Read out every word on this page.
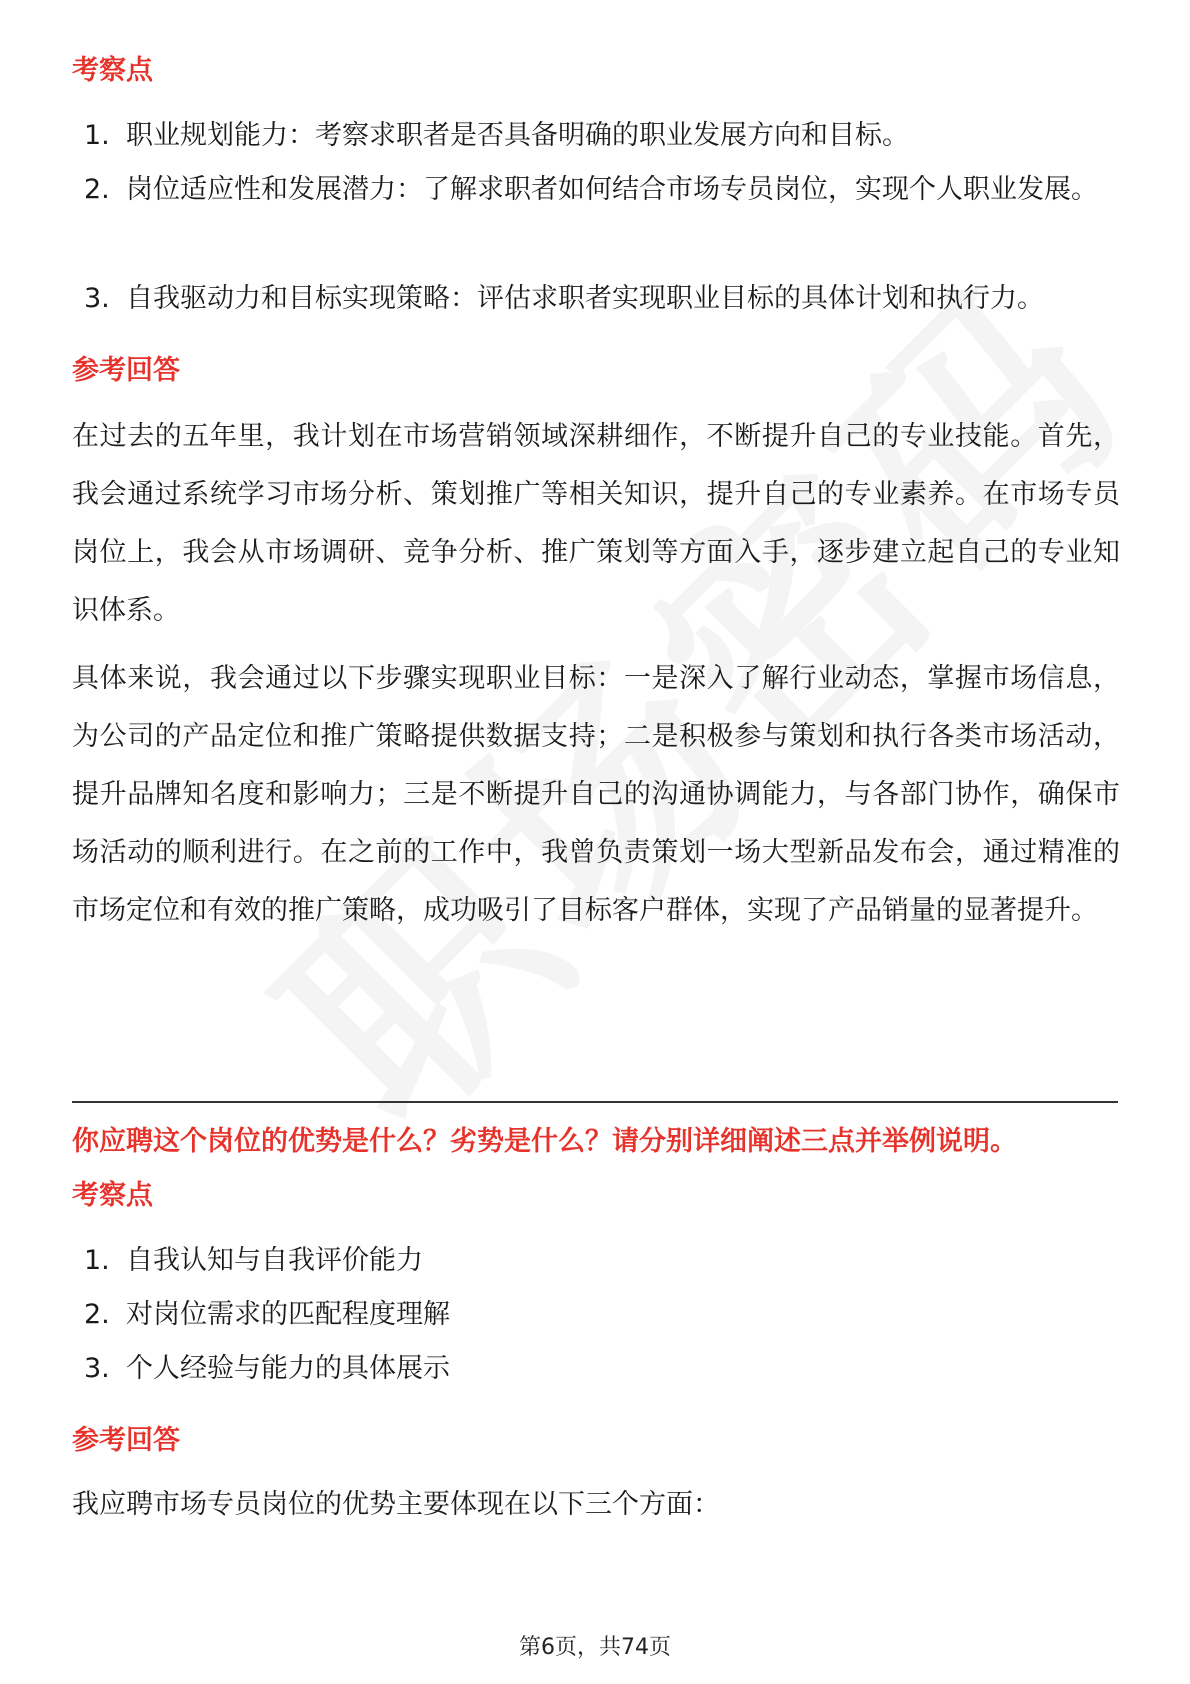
考察点
1. 职业规划能力：考察求职者是否具备明确的职业发展方向和目标。
2. 岗位适应性和发展潜力：了解求职者如何结合市场专员岗位，实现个人职业发展。
3. 自我驱动力和目标实现策略：评估求职者实现职业目标的具体计划和执行力。
参考回答
在过去的五年里，我计划在市场营销领域深耕细作，不断提升自己的专业技能。首先，我会通过系统学习市场分析、策划推广等相关知识，提升自己的专业素养。在市场专员岗位上，我会从市场调研、竞争分析、推广策划等方面入手，逐步建立起自己的专业知识体系。
具体来说，我会通过以下步骤实现职业目标：一是深入了解行业动态，掌握市场信息，为公司的产品定位和推广策略提供数据支持；二是积极参与策划和执行各类市场活动，提升品牌知名度和影响力；三是不断提升自己的沟通协调能力，与各部门协作，确保市场活动的顺利进行。在之前的工作中，我曾负责策划一场大型新品发布会，通过精准的市场定位和有效的推广策略，成功吸引了目标客户群体，实现了产品销量的显著提升。
你应聘这个岗位的优势是什么？劣势是什么？请分别详细阐述三点并举例说明。
考察点
1. 自我认知与自我评价能力
2. 对岗位需求的匹配程度理解
3. 个人经验与能力的具体展示
参考回答
我应聘市场专员岗位的优势主要体现在以下三个方面：
第6页，共74页
